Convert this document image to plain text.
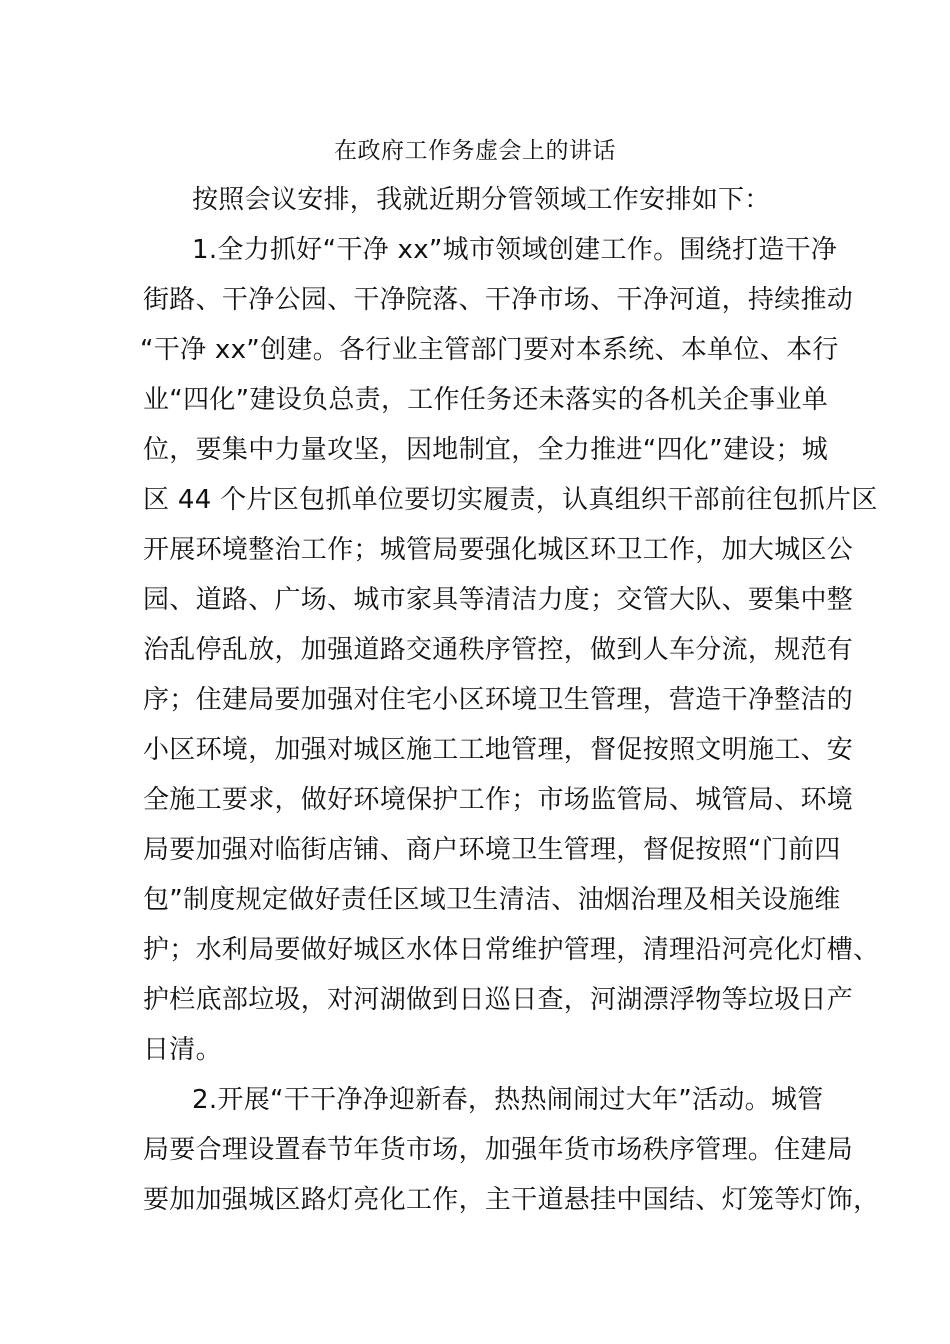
在政府工作务虚会上的讲话
按照会议安排，我就近期分管领域工作安排如下：
1.全力抓好“干净 xx”城市领域创建工作。围绕打造干净
街路、干净公园、干净院落、干净市场、干净河道，持续推动
“干净 xx”创建。各行业主管部门要对本系统、本单位、本行
业“四化”建设负总责，工作任务还未落实的各机关企事业单
位，要集中力量攻坚，因地制宜，全力推进“四化”建设；城
区 44 个片区包抓单位要切实履责，认真组织干部前往包抓片区
开展环境整治工作；城管局要强化城区环卫工作，加大城区公
园、道路、广场、城市家具等清洁力度；交管大队、要集中整
治乱停乱放，加强道路交通秩序管控，做到人车分流，规范有
序；住建局要加强对住宅小区环境卫生管理，营造干净整洁的
小区环境，加强对城区施工工地管理，督促按照文明施工、安
全施工要求，做好环境保护工作；市场监管局、城管局、环境
局要加强对临街店铺、商户环境卫生管理，督促按照“门前四
包”制度规定做好责任区域卫生清洁、油烟治理及相关设施维
护；水利局要做好城区水体日常维护管理，清理沿河亮化灯槽、
护栏底部垃圾，对河湖做到日巡日查，河湖漂浮物等垃圾日产
日清。
2.开展“干干净净迎新春，热热闹闹过大年”活动。城管
局要合理设置春节年货市场，加强年货市场秩序管理。住建局
要加加强城区路灯亮化工作，主干道悬挂中国结、灯笼等灯饰，
